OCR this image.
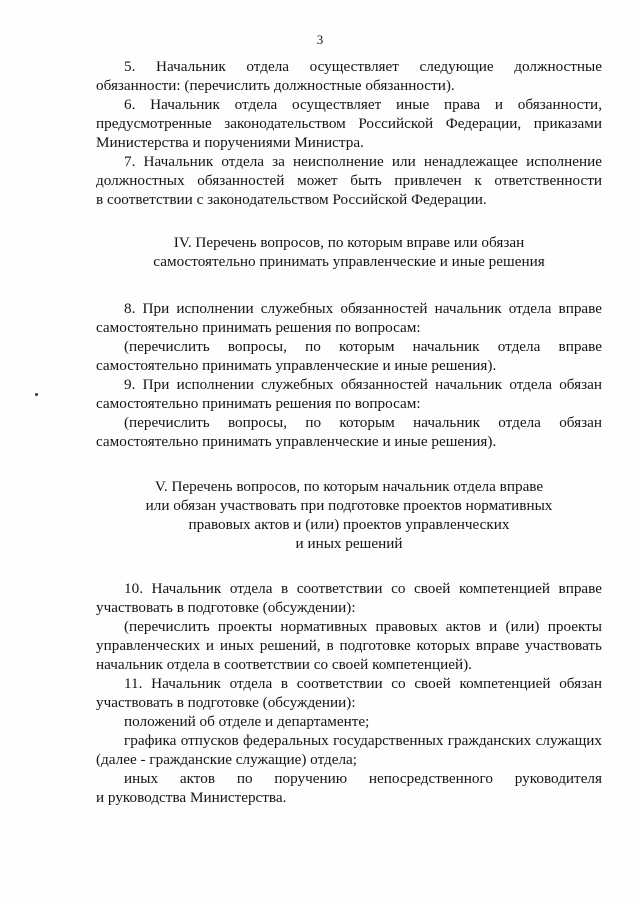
3
5. Начальник отдела осуществляет следующие должностные
обязанности: (перечислить должностные обязанности).
6. Начальник отдела осуществляет иные права и обязанности,
предусмотренные законодательством Российской Федерации, приказами
Министерства и поручениями Министра.
7. Начальник отдела за неисполнение или ненадлежащее исполнение
должностных обязанностей может быть привлечен к ответственности
в соответствии с законодательством Российской Федерации.
IV. Перечень вопросов, по которым вправе или обязан
самостоятельно принимать управленческие и иные решения
8. При исполнении служебных обязанностей начальник отдела вправе
самостоятельно принимать решения по вопросам:
(перечислить вопросы, по которым начальник отдела вправе
самостоятельно принимать управленческие и иные решения).
9. При исполнении служебных обязанностей начальник отдела обязан
самостоятельно принимать решения по вопросам:
(перечислить вопросы, по которым начальник отдела обязан
самостоятельно принимать управленческие и иные решения).
V. Перечень вопросов, по которым начальник отдела вправе
или обязан участвовать при подготовке проектов нормативных
правовых актов и (или) проектов управленческих
и иных решений
10. Начальник отдела в соответствии со своей компетенцией вправе
участвовать в подготовке (обсуждении):
(перечислить проекты нормативных правовых актов и (или) проекты
управленческих и иных решений, в подготовке которых вправе участвовать
начальник отдела в соответствии со своей компетенцией).
11. Начальник отдела в соответствии со своей компетенцией обязан
участвовать в подготовке (обсуждении):
положений об отделе и департаменте;
графика отпусков федеральных государственных гражданских служащих
(далее - гражданские служащие) отдела;
иных актов по поручению непосредственного руководителя
и руководства Министерства.
